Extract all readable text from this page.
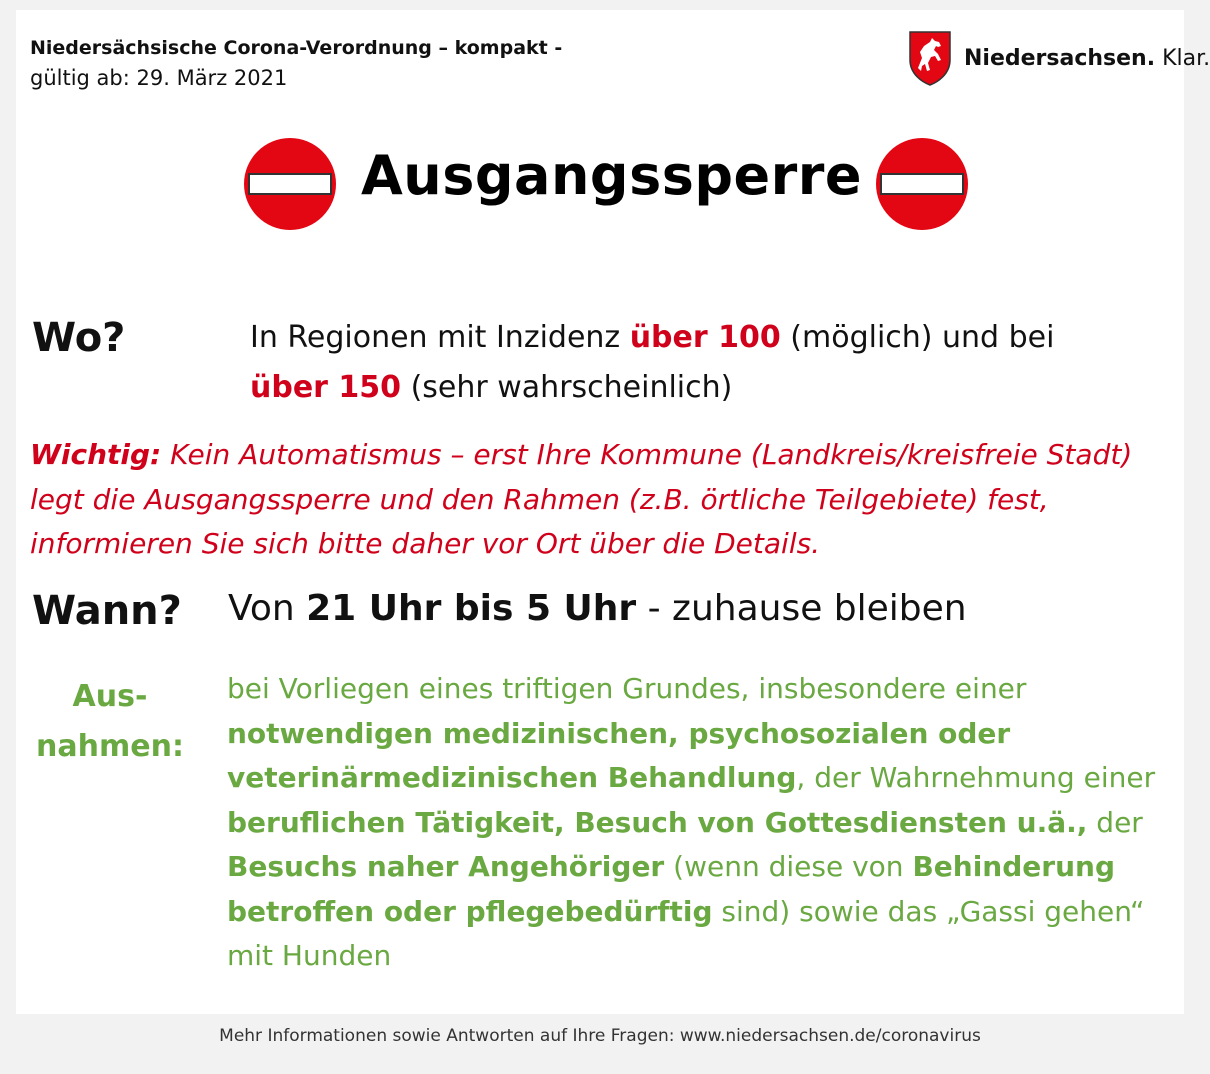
Niedersächsische Corona-Verordnung – kompakt -
gültig ab: 29. März 2021
Niedersachsen. Klar.
Ausgangssperre
Wo?	In Regionen mit Inzidenz über 100 (möglich) und bei
über 150 (sehr wahrscheinlich)
Wichtig: Kein Automatismus – erst Ihre Kommune (Landkreis/kreisfreie Stadt) legt die Ausgangssperre und den Rahmen (z.B. örtliche Teilgebiete) fest, informieren Sie sich bitte daher vor Ort über die Details.
Wann? Von 21 Uhr bis 5 Uhr - zuhause bleiben
Aus-
nahmen:
bei Vorliegen eines triftigen Grundes, insbesondere einer notwendigen medizinischen, psychosozialen oder veterinärmedizinischen Behandlung, der Wahrnehmung einer beruflichen Tätigkeit, Besuch von Gottesdiensten u.ä., der Besuchs naher Angehöriger (wenn diese von Behinderung betroffen oder pflegebedürftig sind) sowie das „Gassi gehen“ mit Hunden
Mehr Informationen sowie Antworten auf Ihre Fragen: www.niedersachsen.de/coronavirus
